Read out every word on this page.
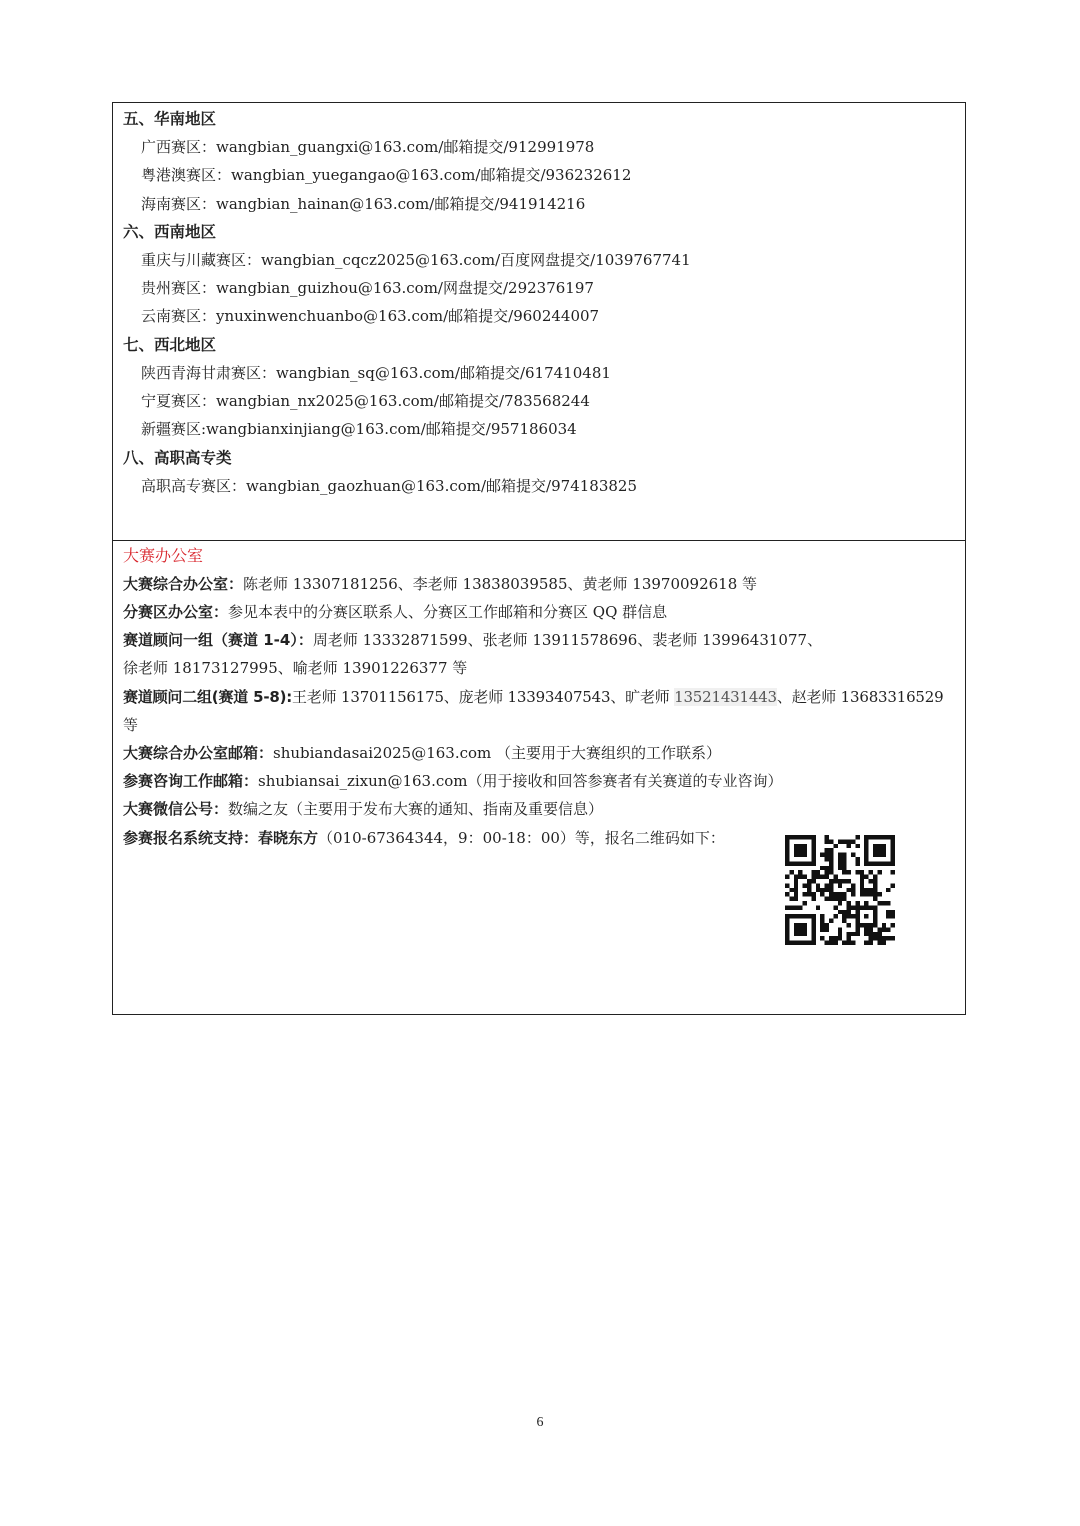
五、华南地区
广西赛区：wangbian_guangxi@163.com/邮箱提交/912991978
粤港澳赛区：wangbian_yuegangao@163.com/邮箱提交/936232612
海南赛区：wangbian_hainan@163.com/邮箱提交/941914216
六、西南地区
重庆与川藏赛区：wangbian_cqcz2025@163.com/百度网盘提交/1039767741
贵州赛区：wangbian_guizhou@163.com/网盘提交/292376197
云南赛区：ynuxinwenchuanbo@163.com/邮箱提交/960244007
七、西北地区
陕西青海甘肃赛区：wangbian_sq@163.com/邮箱提交/617410481
宁夏赛区：wangbian_nx2025@163.com/邮箱提交/783568244
新疆赛区:wangbianxinjiang@163.com/邮箱提交/957186034
八、高职高专类
高职高专赛区：wangbian_gaozhuan@163.com/邮箱提交/974183825
大赛办公室
大赛综合办公室：陈老师 13307181256、李老师 13838039585、黄老师 13970092618 等
分赛区办公室：参见本表中的分赛区联系人、分赛区工作邮箱和分赛区 QQ 群信息
赛道顾问一组（赛道 1-4）：周老师 13332871599、张老师 13911578696、裴老师 13996431077、
徐老师 18173127995、喻老师 13901226377 等
赛道顾问二组(赛道 5-8):王老师 13701156175、庞老师 13393407543、旷老师 13521431443、赵老师 13683316529
等
大赛综合办公室邮箱：shubiandasai2025@163.com （主要用于大赛组织的工作联系）
参赛咨询工作邮箱：shubiansai_zixun@163.com（用于接收和回答参赛者有关赛道的专业咨询）
大赛微信公号：数编之友（主要用于发布大赛的通知、指南及重要信息）
参赛报名系统支持：春晓东方（010-67364344，9：00-18：00）等，报名二维码如下：
6
